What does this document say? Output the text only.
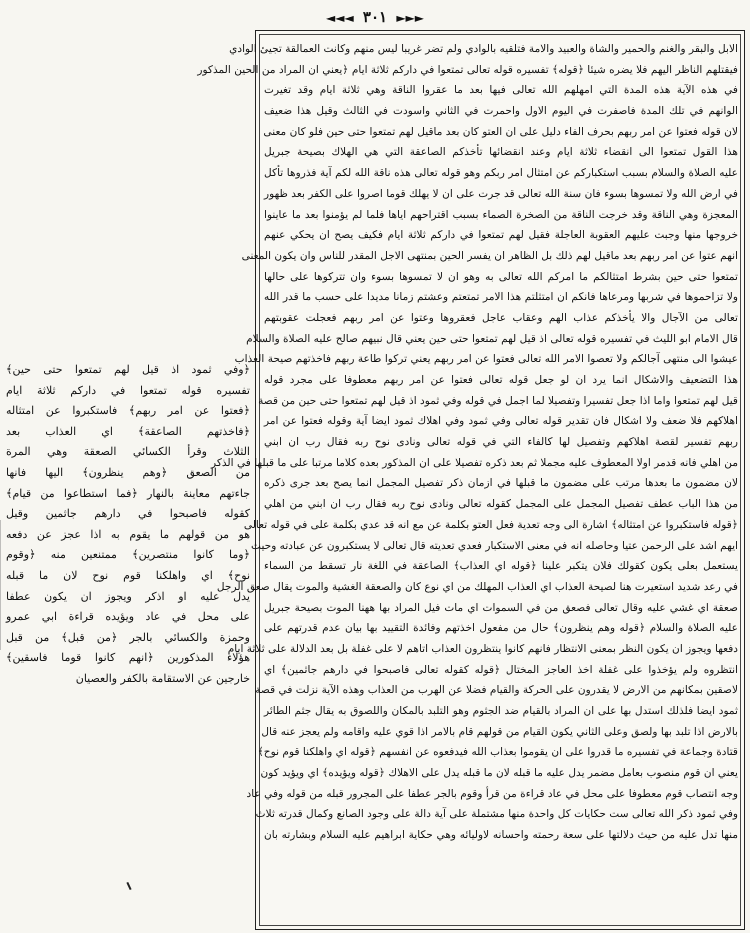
◄◄◄ ٣٠١ ►►►
﴿وفي ثمود اذ قيل لهم تمتعوا حتى حين﴾
تفسيره قوله تمتعوا في داركم ثلاثة ايام
﴿فعتوا عن امر ربهم﴾ فاستكبروا عن امتثاله
﴿فاخذتهم الصاعقة﴾ اي العذاب بعد
الثلاث وقرأ الكسائي الصعقة وهي المرة
من الصعق ﴿وهم ينظرون﴾ اليها فانها
جاءتهم معاينة بالنهار ﴿فما استطاعوا من قيام﴾
كقوله فاصبحوا في دارهم جاثمين وقيل
هو من قولهم ما يقوم به اذا عجز عن دفعه
﴿وما كانوا منتصرين﴾ ممتنعين منه ﴿وقوم
نوح﴾ اي واهلكنا قوم نوح لان ما قبله
يدل عليه او اذكر ويجوز ان يكون عطفا
على محل في عاد ويؤيده قراءة ابي عمرو
وحمزة والكسائي بالجر ﴿من قبل﴾ من قبل
هؤلاء المذكورين ﴿انهم كانوا قوما فاسقين﴾
خارجين عن الاستقامة بالكفر والعصيان
الابل والبقر والغنم والحمير والشاة والعبيد والامة فتلقيه بالوادي ولم تضر غريبا ليس منهم وكانت العمالقة تجيئ الوادي
فيقتلهم الناظر اليهم فلا يضره شيئا ﴿قوله﴾ تفسيره قوله تعالى تمتعوا في داركم ثلاثة ايام ﴿يعني ان المراد من الحين المذكور
في هذه الآية هذه المدة التي امهلهم الله تعالى فيها بعد ما عقروا الناقة وهي ثلاثة ايام وقد تغيرت
الوانهم في تلك المدة فاصفرت في اليوم الاول واحمرت في الثاني واسودت في الثالث وقيل هذا ضعيف
لان قوله فعتوا عن امر ربهم بحرف الفاء دليل على ان العتو كان بعد ماقيل لهم تمتعوا حتى حين فلو كان معنى
هذا القول تمتعوا الى انقضاء ثلاثة ايام وعند انقضائها تأخذكم الصاعقة التي هي الهلاك بصيحة جبريل
عليه الصلاة والسلام بسبب استكباركم عن امتثال امر ربكم وهو قوله تعالى هذه ناقة الله لكم آية فذروها تأكل
في ارض الله ولا تمسوها بسوء فان سنة الله تعالى قد جرت على ان لا يهلك قوما اصروا على الكفر بعد ظهور
المعجزة وهي الناقة وقد خرجت الناقة من الصخرة الصماء بسبب اقتراحهم اياها فلما لم يؤمنوا بعد ما عاينوا
خروجها منها وجبت عليهم العقوبة العاجلة فقيل لهم تمتعوا في داركم ثلاثة ايام فكيف يصح ان يحكي عنهم
انهم عتوا عن امر ربهم بعد ماقيل لهم ذلك بل الظاهر ان يفسر الحين بمنتهى الاجل المقدر للناس وان يكون المعنى
تمتعوا حتى حين بشرط امتثالكم ما امركم الله تعالى به وهو ان لا تمسوها بسوء وان تتركوها على حالها
ولا تزاحموها في شربها ومرعاها فانكم ان امتثلتم هذا الامر تمتعتم وعشتم زمانا مديدا على حسب ما قدر الله
تعالى من الآجال والا يأخذكم عذاب الهم وعقاب عاجل فعقروها وعتوا عن امر ربهم فعجلت عقوبتهم
قال الامام ابو الليث في تفسيره قوله تعالى اذ قيل لهم تمتعوا حتى حين يعني قال نبيهم صالح عليه الصلاة والسلام
عيشوا الى منتهى آجالكم ولا تعصوا الامر الله تعالى فعتوا عن امر ربهم يعني تركوا طاعة ربهم فاخذتهم صيحة العذاب
هذا التضعيف والاشكال انما يرد ان لو جعل قوله تعالى فعتوا عن امر ربهم معطوفا على مجرد قوله
قيل لهم تمتعوا واما اذا جعل تفسيرا وتفصيلا لما اجمل في قوله وفي ثمود اذ قيل لهم تمتعوا حتى حين من قصة
اهلاكهم فلا ضعف ولا اشكال فان تقدير قوله تعالى وفي ثمود وفي اهلاك ثمود ايضا آية وقوله فعتوا عن امر
ربهم تفسير لقصة اهلاكهم وتفصيل لها كالفاء التي في قوله تعالى ونادى نوح ربه فقال رب ان ابني
من اهلي فانه قدمر اولا المعطوف عليه مجملا ثم بعد ذكره تفصيلا على ان المذكور بعده كلاما مرتبا على ما قبلها في الذكر
لان مضمون ما بعدها مرتب على مضمون ما قبلها في ازمان ذكر تفصيل المجمل انما يصح بعد جرى ذكره
من هذا الباب عطف تفصيل المجمل على المجمل كقوله تعالى ونادى نوح ربه فقال رب ان ابني من اهلي
﴿قوله فاستكبروا عن امتثاله﴾ اشارة الى وجه تعدية فعل العتو بكلمة عن مع انه قد عدي بكلمة على في قوله تعالى
ايهم اشد على الرحمن عتيا وحاصله انه في معنى الاستكبار فعدي تعديته قال تعالى لا يستكبرون عن عبادته وحيث
يستعمل بعلى يكون كقولك فلان يتكبر علينا ﴿قوله اي العذاب﴾ الصاعقة في اللغة نار تسقط من السماء
في رعد شديد استعيرت هنا لصيحة العذاب اي العذاب المهلك من اي نوع كان والصعقة الغشية والموت يقال صعق الرجل
صعقة اي غشي عليه وقال تعالى فصعق من في السموات اي مات فيل المراد بها ههنا الموت بصيحة جبريل
عليه الصلاة والسلام ﴿قوله وهم ينظرون﴾ حال من مفعول اخذتهم وفائدة التقييد بها بيان عدم قدرتهم على
دفعها ويجوز ان يكون النظر بمعنى الانتظار فانهم كانوا ينتظرون العذاب اتاهم لا على غفلة بل بعد الدلالة على ثلاثة ايام
انتظروه ولم يؤخذوا على غفلة اخذ العاجز المختال ﴿قوله كقوله تعالى فاصبحوا في دارهم جاثمين﴾ اي
لاصقين بمكانهم من الارض لا يقدرون على الحركة والقيام فضلا عن الهرب من العذاب وهذه الآية نزلت في قصة
ثمود ايضا فلذلك استدل بها على ان المراد بالقيام ضد الجثوم وهو التلبد بالمكان واللصوق به يقال جثم الطائر
بالارض اذا تلبد بها ولصق وعلى الثاني يكون القيام من قولهم قام بالامر اذا قوي عليه واقامه ولم يعجز عنه قال
قتادة وجماعة في تفسيره ما قدروا على ان يقوموا بعذاب الله فيدفعوه عن انفسهم ﴿قوله اي واهلكنا قوم نوح﴾
يعني ان قوم منصوب بعامل مضمر يدل عليه ما قبله لان ما قبله يدل على الاهلاك ﴿قوله ويؤيده﴾ اي ويؤيد كون
وجه انتصاب قوم معطوفا على محل في عاد قراءة من قرأ وقوم بالجر عطفا على المجرور قبله من قوله وفي عاد
وفي ثمود ذكر الله تعالى ست حكايات كل واحدة منها مشتملة على آية دالة على وجود الصانع وكمال قدرته ثلاث
منها تدل عليه من حيث دلالتها على سعة رحمته واحسانه لاوليائه وهي حكاية ابراهيم عليه السلام وبشارته بان
